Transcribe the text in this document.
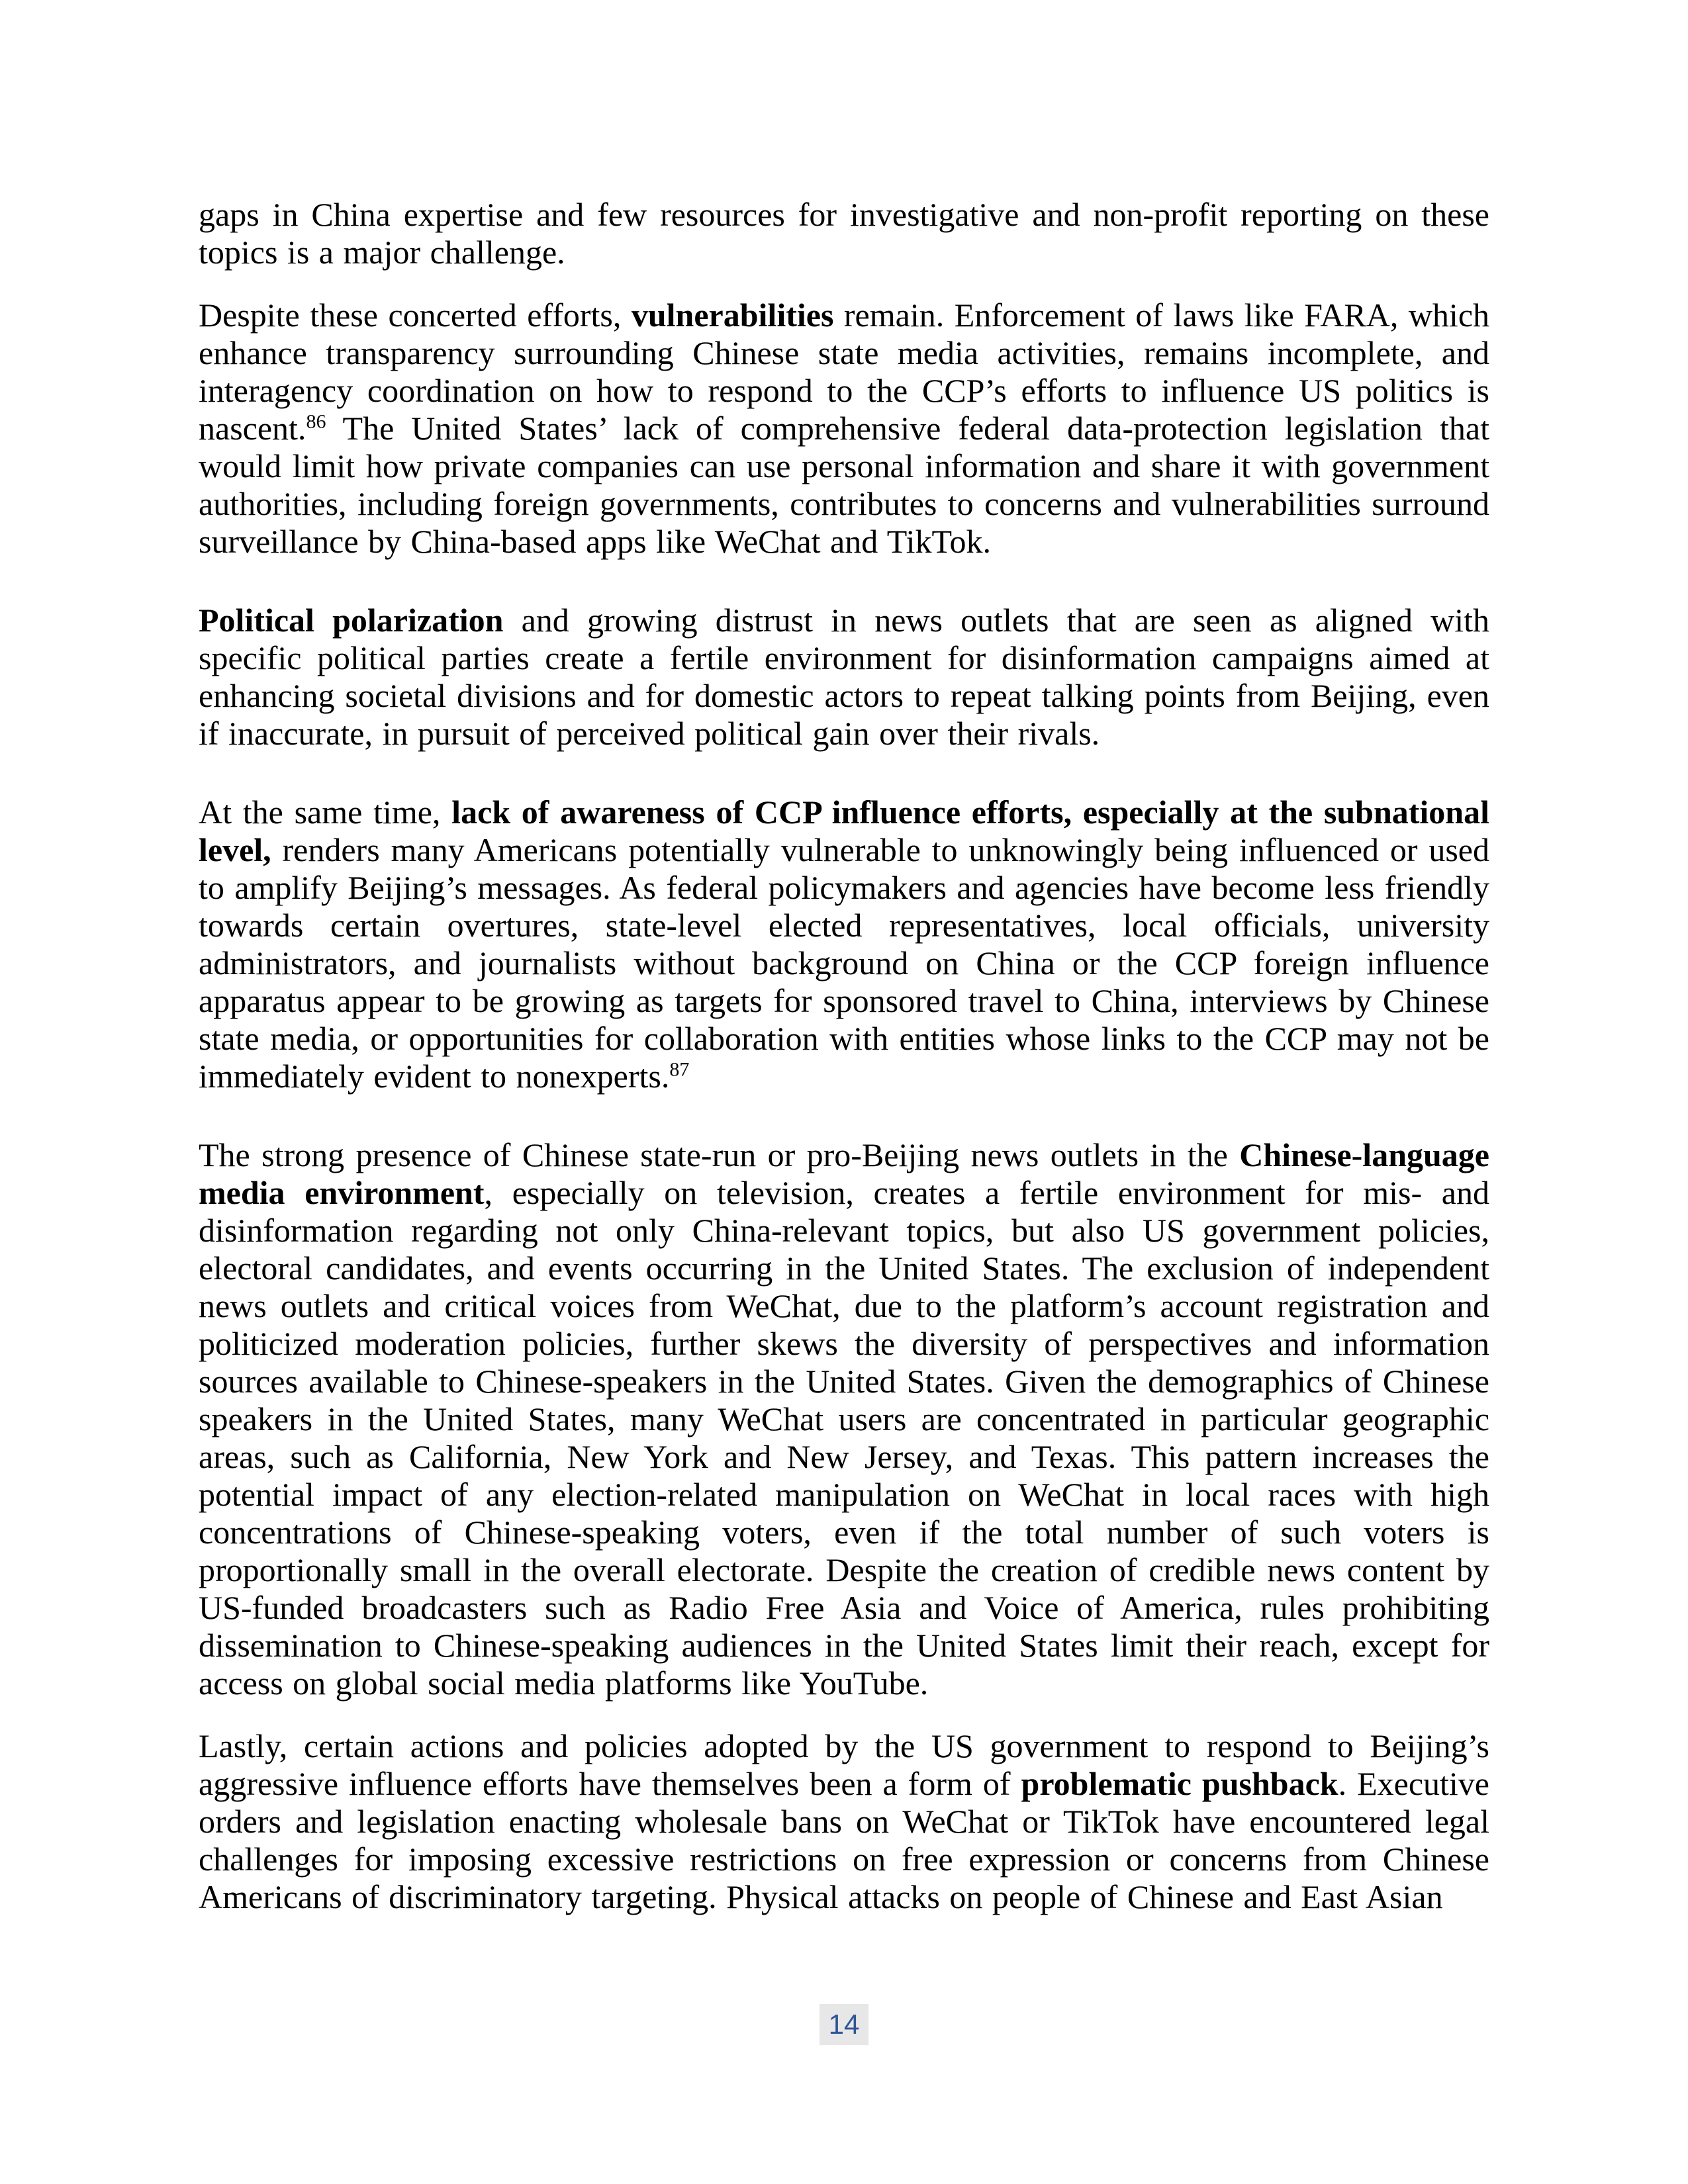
gaps in China expertise and few resources for investigative and non-profit reporting on these topics is a major challenge.

Despite these concerted efforts, vulnerabilities remain. Enforcement of laws like FARA, which enhance transparency surrounding Chinese state media activities, remains incomplete, and interagency coordination on how to respond to the CCP’s efforts to influence US politics is nascent.$^{86}$ The United States’ lack of comprehensive federal data-protection legislation that would limit how private companies can use personal information and share it with government authorities, including foreign governments, contributes to concerns and vulnerabilities surround surveillance by China-based apps like WeChat and TikTok.

Political polarization and growing distrust in news outlets that are seen as aligned with specific political parties create a fertile environment for disinformation campaigns aimed at enhancing societal divisions and for domestic actors to repeat talking points from Beijing, even if inaccurate, in pursuit of perceived political gain over their rivals.

At the same time, lack of awareness of CCP influence efforts, especially at the subnational level, renders many Americans potentially vulnerable to unknowingly being influenced or used to amplify Beijing’s messages. As federal policymakers and agencies have become less friendly towards certain overtures, state-level elected representatives, local officials, university administrators, and journalists without background on China or the CCP foreign influence apparatus appear to be growing as targets for sponsored travel to China, interviews by Chinese state media, or opportunities for collaboration with entities whose links to the CCP may not be immediately evident to nonexperts.$^{87}$

The strong presence of Chinese state-run or pro-Beijing news outlets in the Chinese-language media environment, especially on television, creates a fertile environment for mis- and disinformation regarding not only China-relevant topics, but also US government policies, electoral candidates, and events occurring in the United States. The exclusion of independent news outlets and critical voices from WeChat, due to the platform’s account registration and politicized moderation policies, further skews the diversity of perspectives and information sources available to Chinese-speakers in the United States. Given the demographics of Chinese speakers in the United States, many WeChat users are concentrated in particular geographic areas, such as California, New York and New Jersey, and Texas. This pattern increases the potential impact of any election-related manipulation on WeChat in local races with high concentrations of Chinese-speaking voters, even if the total number of such voters is proportionally small in the overall electorate. Despite the creation of credible news content by US-funded broadcasters such as Radio Free Asia and Voice of America, rules prohibiting dissemination to Chinese-speaking audiences in the United States limit their reach, except for access on global social media platforms like YouTube.

Lastly, certain actions and policies adopted by the US government to respond to Beijing’s aggressive influence efforts have themselves been a form of problematic pushback. Executive orders and legislation enacting wholesale bans on WeChat or TikTok have encountered legal challenges for imposing excessive restrictions on free expression or concerns from Chinese Americans of discriminatory targeting. Physical attacks on people of Chinese and East Asian

14
